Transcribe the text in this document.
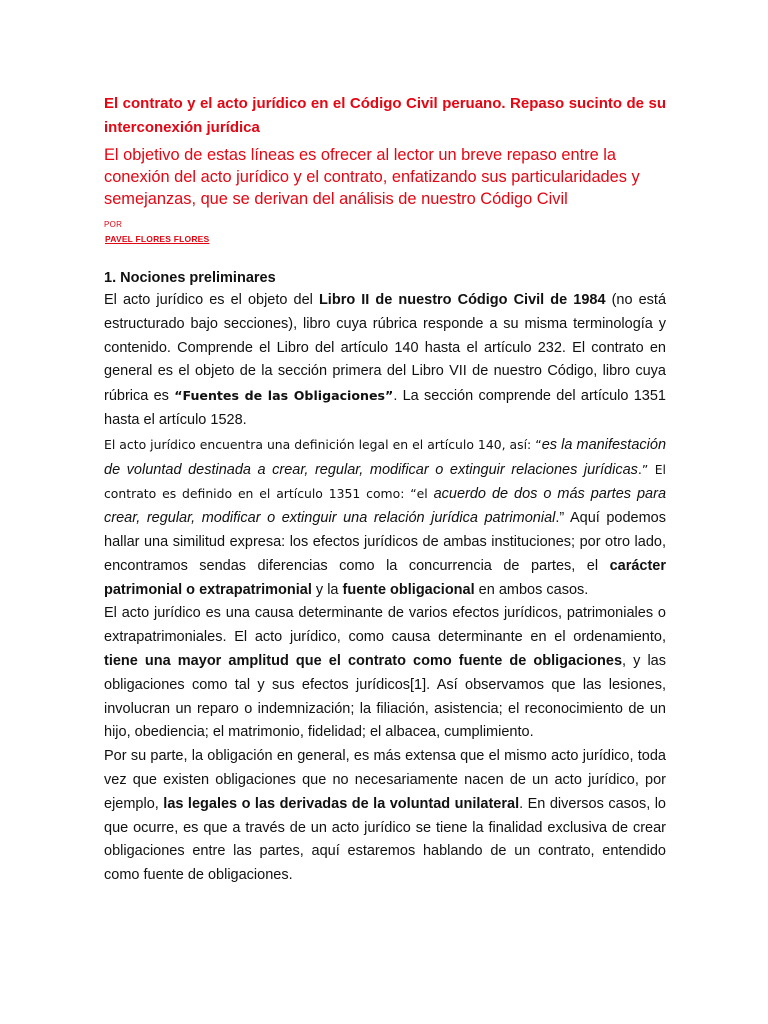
El contrato y el acto jurídico en el Código Civil peruano. Repaso sucinto de su interconexión jurídica

El objetivo de estas líneas es ofrecer al lector un breve repaso entre la conexión del acto jurídico y el contrato, enfatizando sus particularidades y semejanzas, que se derivan del análisis de nuestro Código Civil

POR
PAVEL FLORES FLORES
1. Nociones preliminares

El acto jurídico es el objeto del Libro II de nuestro Código Civil de 1984 (no está estructurado bajo secciones), libro cuya rúbrica responde a su misma terminología y contenido. Comprende el Libro del artículo 140 hasta el artículo 232. El contrato en general es el objeto de la sección primera del Libro VII de nuestro Código, libro cuya rúbrica es “Fuentes de las Obligaciones”. La sección comprende del artículo 1351 hasta el artículo 1528.

El acto jurídico encuentra una definición legal en el artículo 140, así: “es la manifestación de voluntad destinada a crear, regular, modificar o extinguir relaciones jurídicas.” El contrato es definido en el artículo 1351 como: “el acuerdo de dos o más partes para crear, regular, modificar o extinguir una relación jurídica patrimonial.” Aquí podemos hallar una similitud expresa: los efectos jurídicos de ambas instituciones; por otro lado, encontramos sendas diferencias como la concurrencia de partes, el carácter patrimonial o extrapatrimonial y la fuente obligacional en ambos casos.

El acto jurídico es una causa determinante de varios efectos jurídicos, patrimoniales o extrapatrimoniales. El acto jurídico, como causa determinante en el ordenamiento, tiene una mayor amplitud que el contrato como fuente de obligaciones, y las obligaciones como tal y sus efectos jurídicos[1]. Así observamos que las lesiones, involucran un reparo o indemnización; la filiación, asistencia; el reconocimiento de un hijo, obediencia; el matrimonio, fidelidad; el albacea, cumplimiento.

Por su parte, la obligación en general, es más extensa que el mismo acto jurídico, toda vez que existen obligaciones que no necesariamente nacen de un acto jurídico, por ejemplo, las legales o las derivadas de la voluntad unilateral. En diversos casos, lo que ocurre, es que a través de un acto jurídico se tiene la finalidad exclusiva de crear obligaciones entre las partes, aquí estaremos hablando de un contrato, entendido como fuente de obligaciones.
